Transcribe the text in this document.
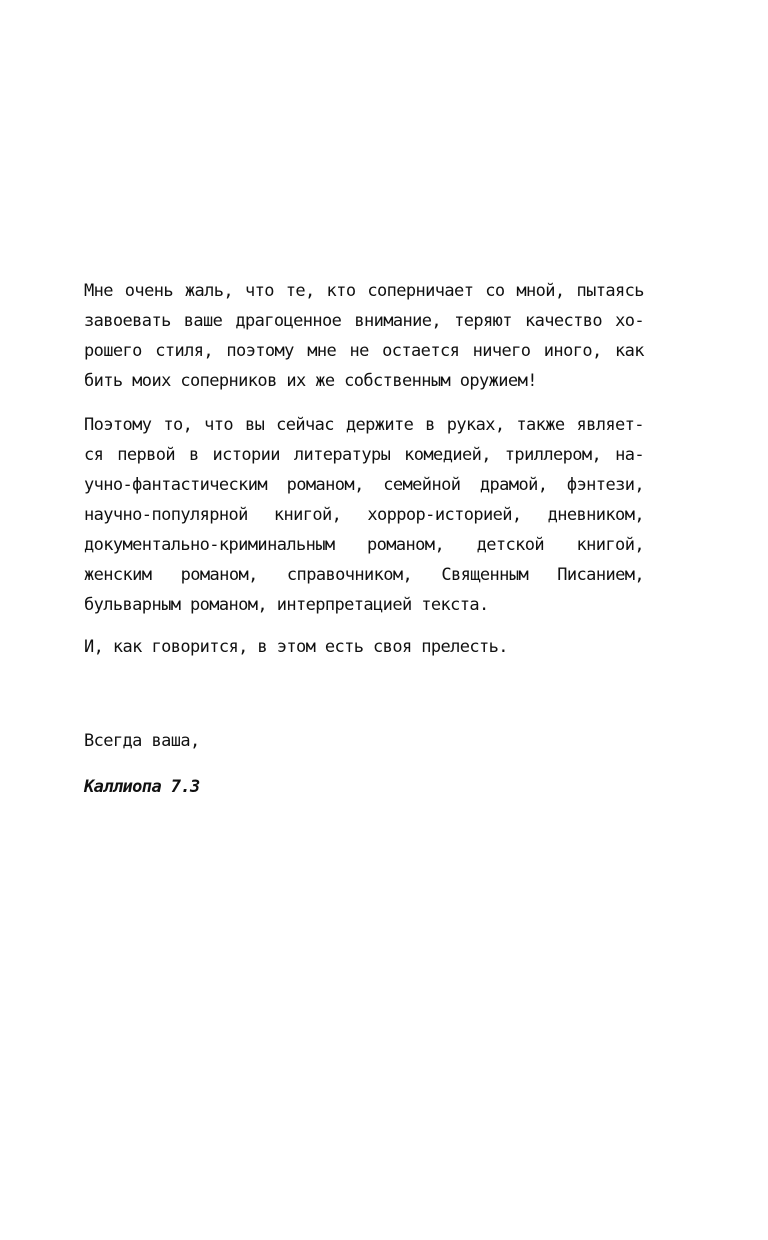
Мне очень жаль, что те, кто соперничает со мной, пытаясь
завоевать ваше драгоценное внимание, теряют качество хо-
рошего стиля, поэтому мне не остается ничего иного, как
бить моих соперников их же собственным оружием!
Поэтому то, что вы сейчас держите в руках, также являет-
ся первой в истории литературы комедией, триллером, на-
учно-фантастическим романом, семейной драмой, фэнтези,
научно-популярной книгой, хоррор-историей, дневником,
документально-криминальным романом, детской книгой,
женским романом, справочником, Священным Писанием,
бульварным романом, интерпретацией текста.
И, как говорится, в этом есть своя прелесть.
Всегда ваша,
Каллиопа 7.3
